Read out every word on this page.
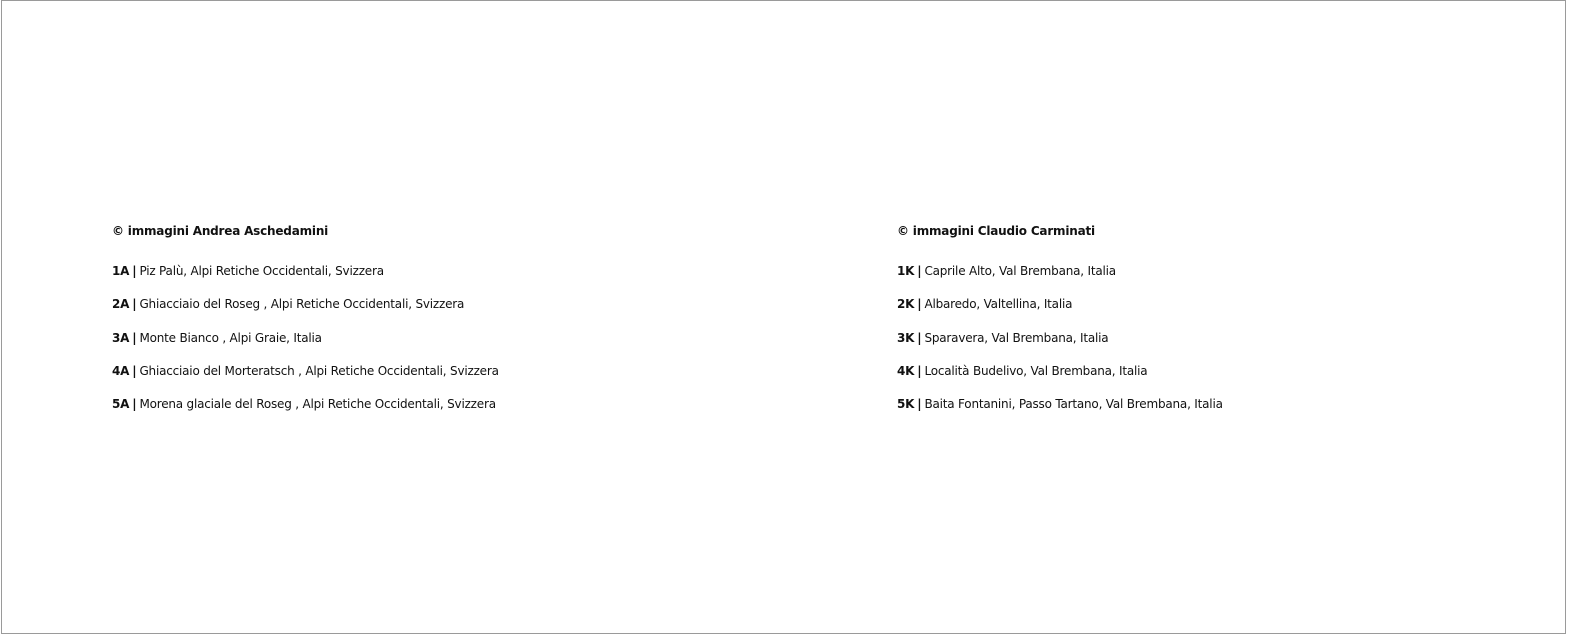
© immagini Andrea Aschedamini
1A | Piz Palù, Alpi Retiche Occidentali, Svizzera
2A | Ghiacciaio del Roseg , Alpi Retiche Occidentali, Svizzera
3A | Monte Bianco , Alpi Graie, Italia
4A | Ghiacciaio del Morteratsch , Alpi Retiche Occidentali, Svizzera
5A | Morena glaciale del Roseg , Alpi Retiche Occidentali, Svizzera
© immagini Claudio Carminati
1K | Caprile Alto, Val Brembana, Italia
2K | Albaredo, Valtellina, Italia
3K | Sparavera, Val Brembana, Italia
4K | Località Budelivo, Val Brembana, Italia
5K | Baita Fontanini, Passo Tartano, Val Brembana, Italia
